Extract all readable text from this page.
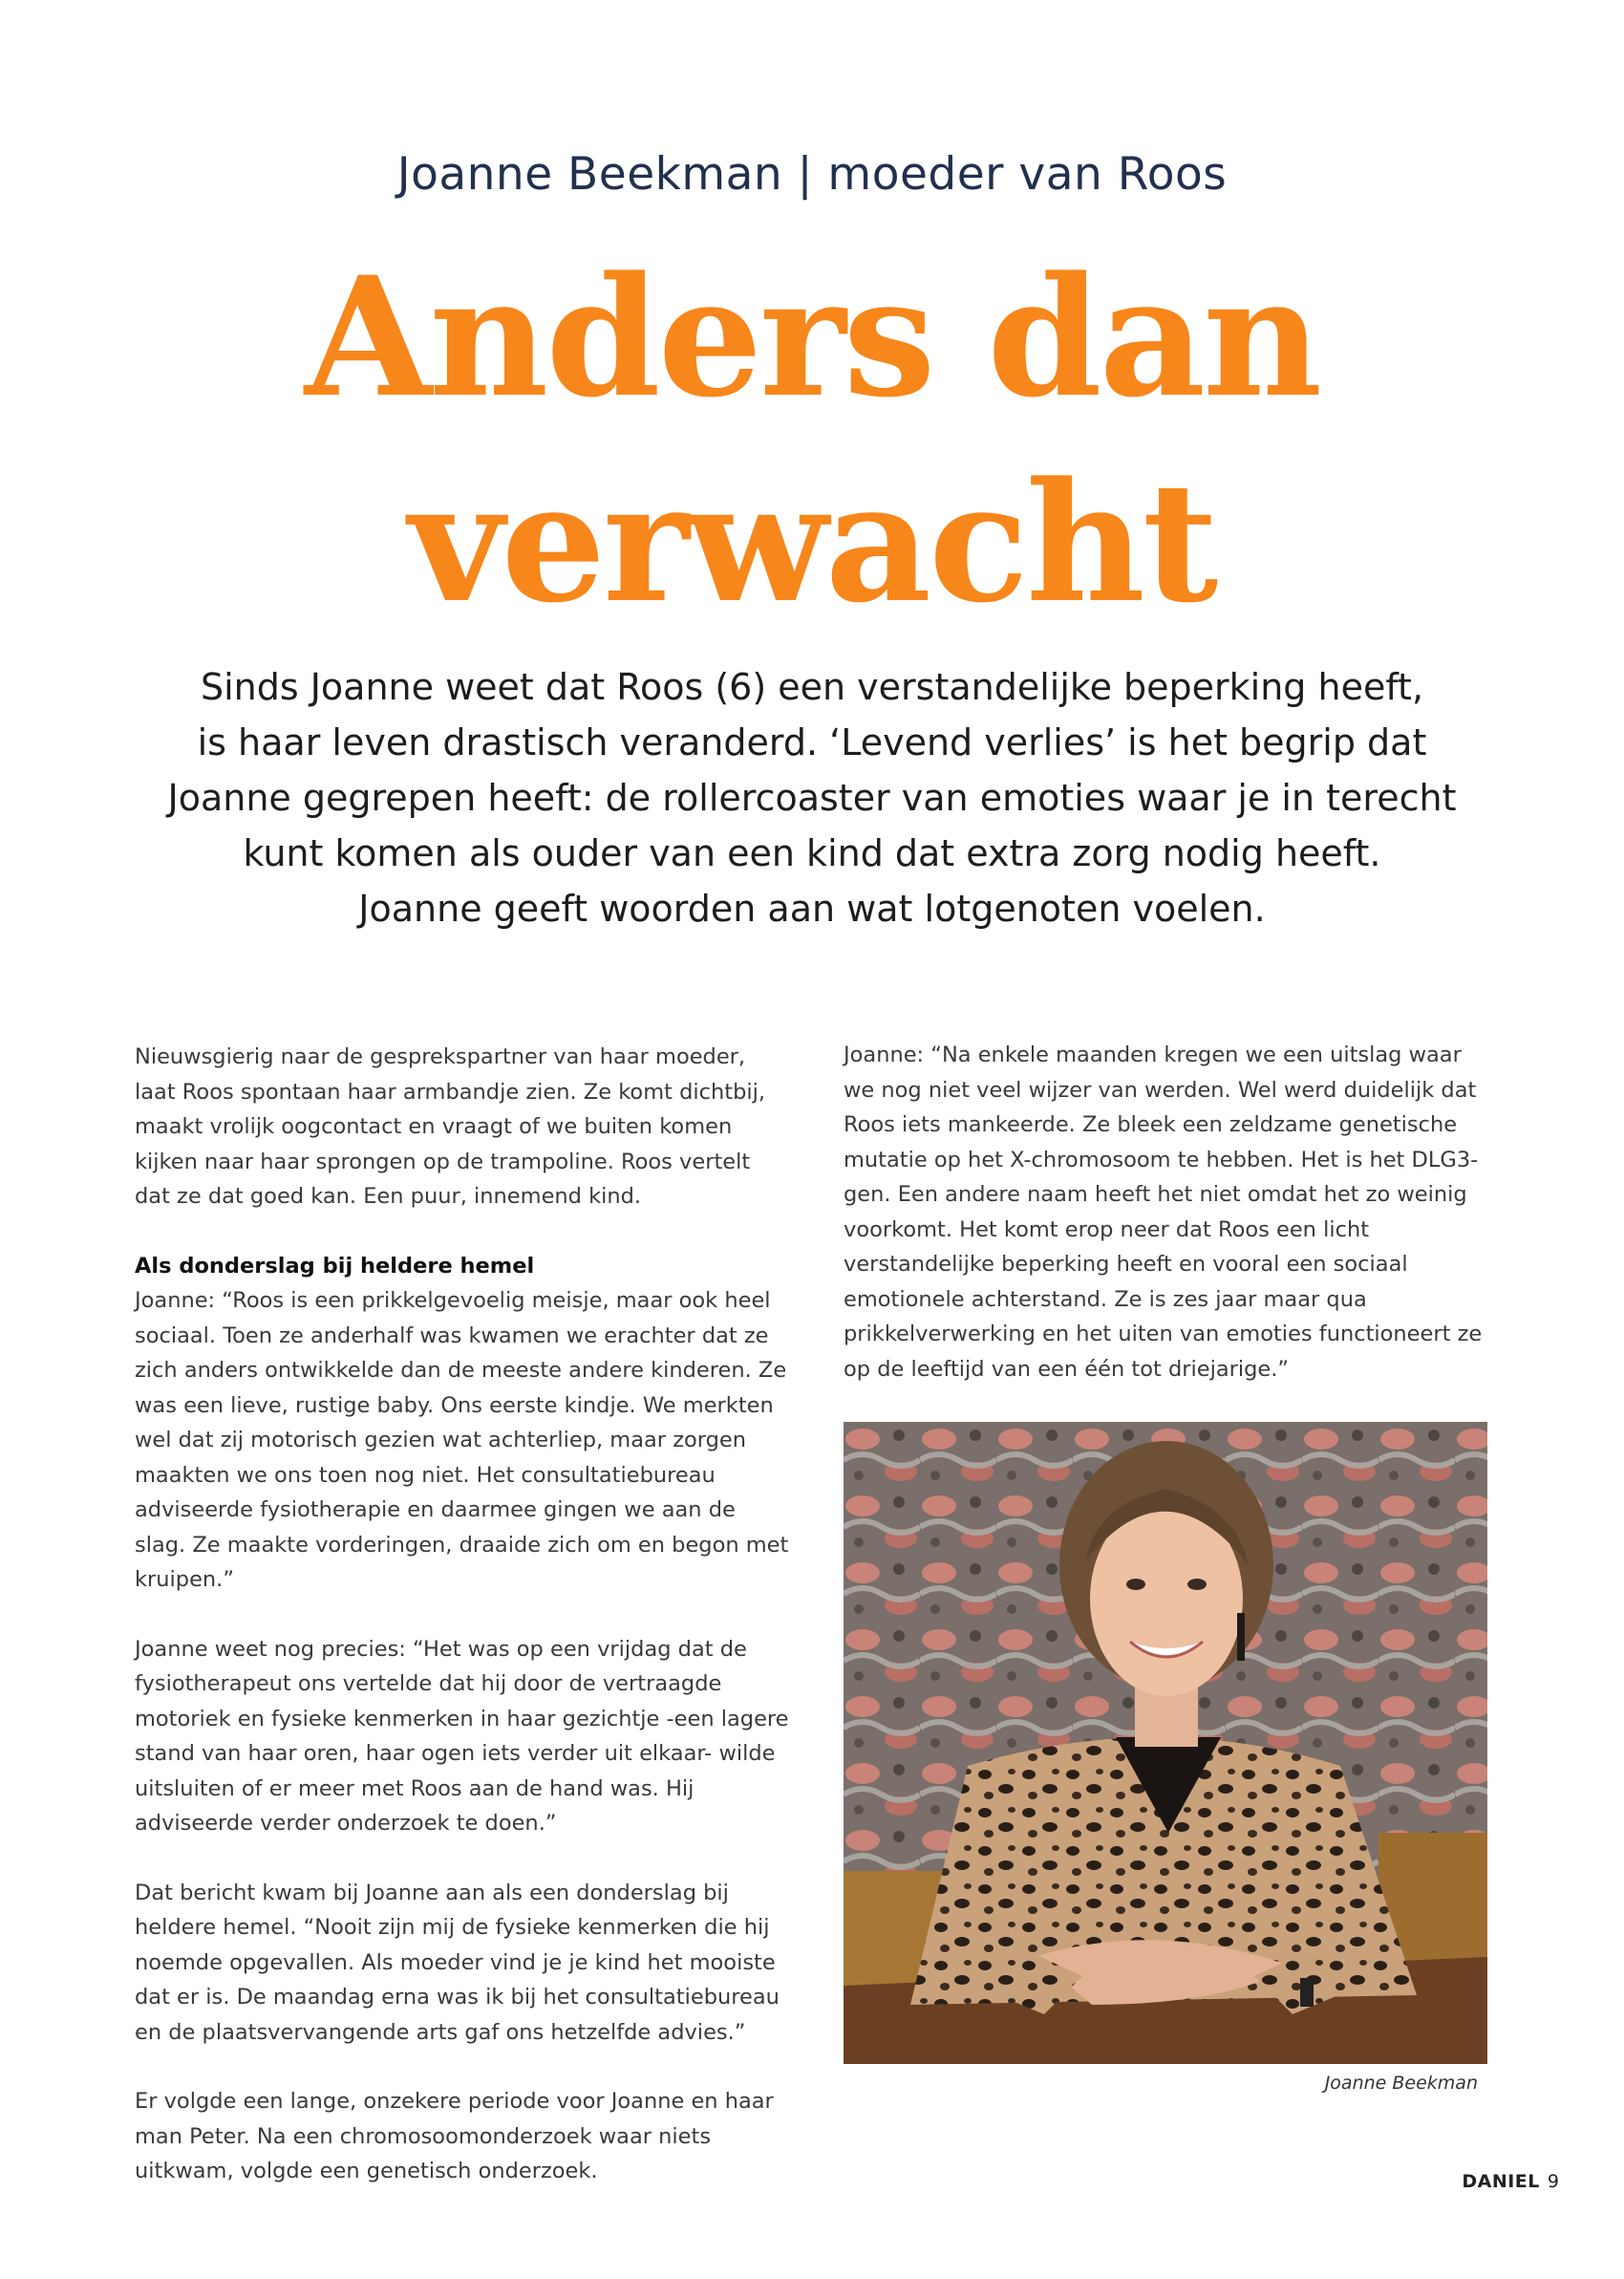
Joanne Beekman | moeder van Roos
Anders dan
verwacht
Sinds Joanne weet dat Roos (6) een verstandelijke beperking heeft,
is haar leven drastisch veranderd. ‘Levend verlies’ is het begrip dat
Joanne gegrepen heeft: de rollercoaster van emoties waar je in terecht
kunt komen als ouder van een kind dat extra zorg nodig heeft.
Joanne geeft woorden aan wat lotgenoten voelen.

Nieuwsgierig naar de gesprekspartner van haar moeder,
laat Roos spontaan haar armbandje zien. Ze komt dichtbij,
maakt vrolijk oogcontact en vraagt of we buiten komen
kijken naar haar sprongen op de trampoline. Roos vertelt
dat ze dat goed kan. Een puur, innemend kind.

Als donderslag bij heldere hemel
Joanne: “Roos is een prikkelgevoelig meisje, maar ook heel
sociaal. Toen ze anderhalf was kwamen we erachter dat ze
zich anders ontwikkelde dan de meeste andere kinderen. Ze
was een lieve, rustige baby. Ons eerste kindje. We merkten
wel dat zij motorisch gezien wat achterliep, maar zorgen
maakten we ons toen nog niet. Het consultatiebureau
adviseerde fysiotherapie en daarmee gingen we aan de
slag. Ze maakte vorderingen, draaide zich om en begon met
kruipen.”

Joanne weet nog precies: “Het was op een vrijdag dat de
fysiotherapeut ons vertelde dat hij door de vertraagde
motoriek en fysieke kenmerken in haar gezichtje -een lagere
stand van haar oren, haar ogen iets verder uit elkaar- wilde
uitsluiten of er meer met Roos aan de hand was. Hij
adviseerde verder onderzoek te doen.”

Dat bericht kwam bij Joanne aan als een donderslag bij
heldere hemel. “Nooit zijn mij de fysieke kenmerken die hij
noemde opgevallen. Als moeder vind je je kind het mooiste
dat er is. De maandag erna was ik bij het consultatiebureau
en de plaatsvervangende arts gaf ons hetzelfde advies.”

Er volgde een lange, onzekere periode voor Joanne en haar
man Peter. Na een chromosoomonderzoek waar niets
uitkwam, volgde een genetisch onderzoek.

Joanne: “Na enkele maanden kregen we een uitslag waar
we nog niet veel wijzer van werden. Wel werd duidelijk dat
Roos iets mankeerde. Ze bleek een zeldzame genetische
mutatie op het X-chromosoom te hebben. Het is het DLG3-
gen. Een andere naam heeft het niet omdat het zo weinig
voorkomt. Het komt erop neer dat Roos een licht
verstandelijke beperking heeft en vooral een sociaal
emotionele achterstand. Ze is zes jaar maar qua
prikkelverwerking en het uiten van emoties functioneert ze
op de leeftijd van een één tot driejarige.”

Joanne Beekman
DANIEL 9
